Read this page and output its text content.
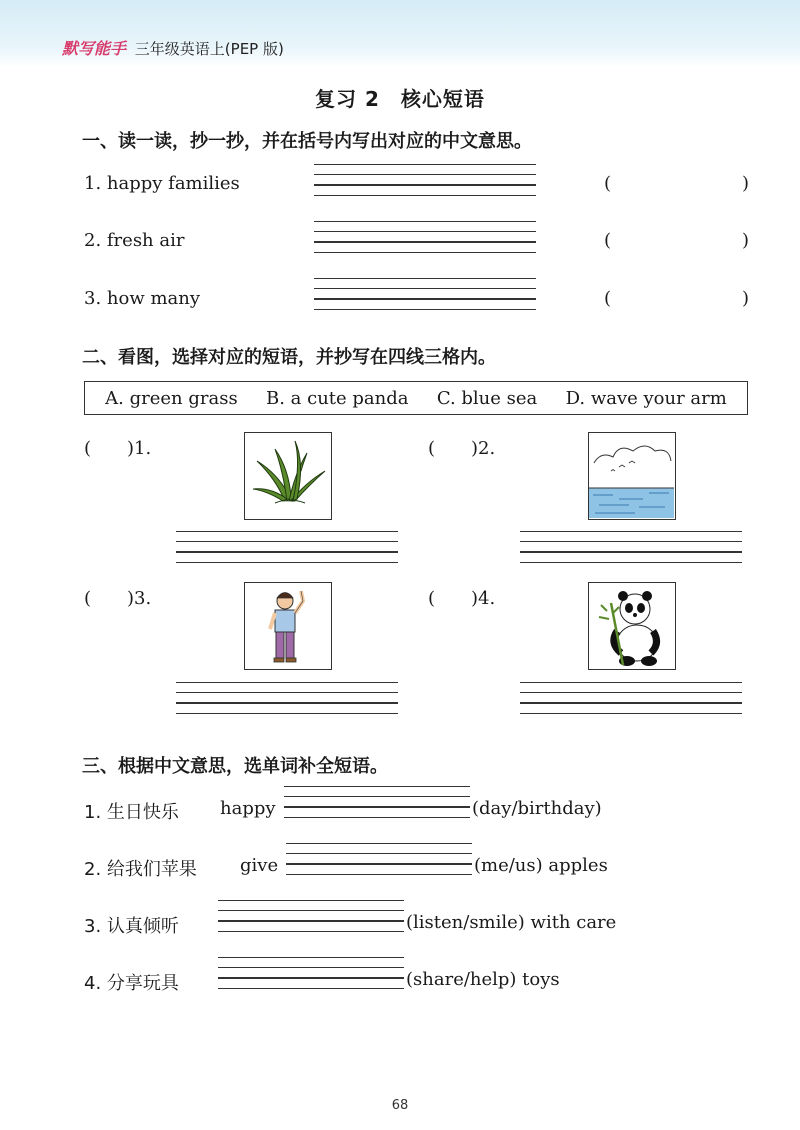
默写能手 三年级英语上(PEP 版)
复习 2　核心短语
一、读一读，抄一抄，并在括号内写出对应的中文意思。
1. happy families	(	)
2. fresh air	(	)
3. how many	(	)
二、看图，选择对应的短语，并抄写在四线三格内。
A. green grass B. a cute panda C. blue sea D. wave your arm
(　　)1.	(　　)2.
(　　)3.	(　　)4.
三、根据中文意思，选单词补全短语。
1. 生日快乐 happy	(day/birthday)
2. 给我们苹果 give	(me/us) apples
3. 认真倾听	(listen/smile) with care
4. 分享玩具	(share/help) toys
68
